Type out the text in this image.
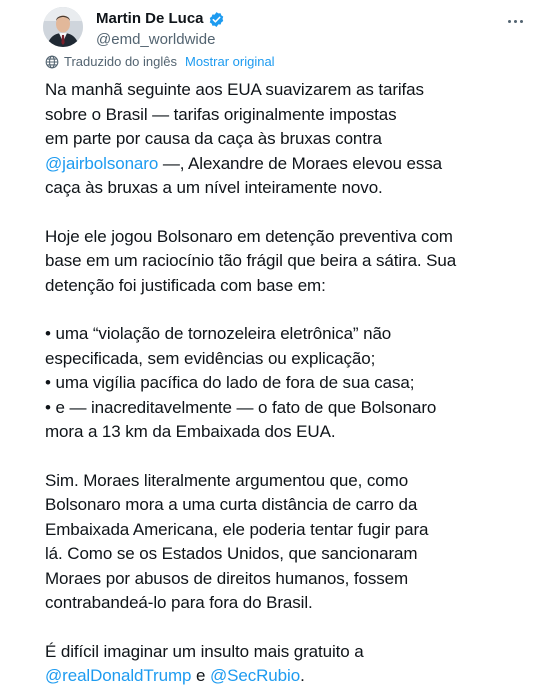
Martin De Luca
@emd_worldwide
Traduzido do inglês Mostrar original

Na manhã seguinte aos EUA suavizarem as tarifas
sobre o Brasil — tarifas originalmente impostas
em parte por causa da caça às bruxas contra
@jairbolsonaro —, Alexandre de Moraes elevou essa
caça às bruxas a um nível inteiramente novo.

Hoje ele jogou Bolsonaro em detenção preventiva com
base em um raciocínio tão frágil que beira a sátira. Sua
detenção foi justificada com base em:

• uma “violação de tornozeleira eletrônica” não
especificada, sem evidências ou explicação;
• uma vigília pacífica do lado de fora de sua casa;
• e — inacreditavelmente — o fato de que Bolsonaro
mora a 13 km da Embaixada dos EUA.

Sim. Moraes literalmente argumentou que, como
Bolsonaro mora a uma curta distância de carro da
Embaixada Americana, ele poderia tentar fugir para
lá. Como se os Estados Unidos, que sancionaram
Moraes por abusos de direitos humanos, fossem
contrabandeá-lo para fora do Brasil.

É difícil imaginar um insulto mais gratuito a
@realDonaldTrump e @SecRubio.
